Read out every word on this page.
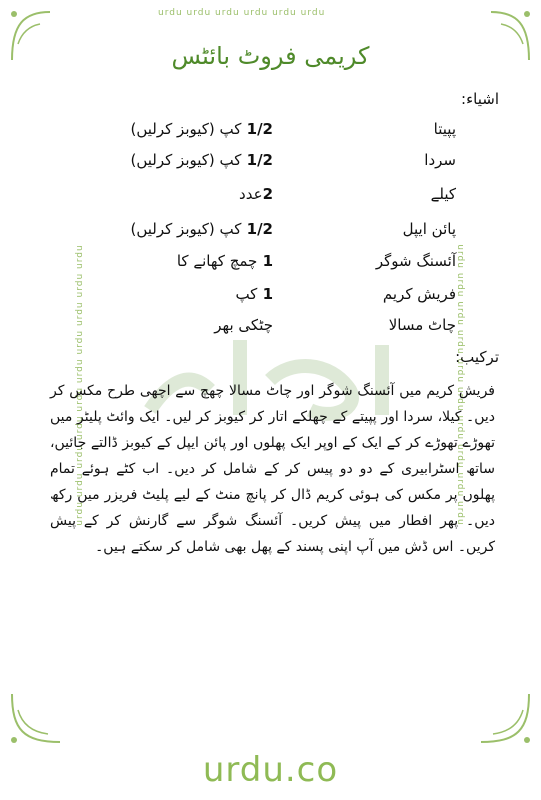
urdu urdu urdu urdu urdu urdu
urdu urdu urdu urdu urdu urdu urdu urdu urdu urdu	urdu urdu urdu urdu urdu urdu urdu urdu urdu urdu
کریمی فروٹ بائٹس
اشیاء:
پپیتا
1/2 کپ (کیوبز کرلیں)
سردا
1/2 کپ (کیوبز کرلیں)
کیلے
2عدد
پائن ایپل
1/2 کپ (کیوبز کرلیں)
آئسنگ شوگر
1 چمچ کھانے کا
فریش کریم
1 کپ
چاٹ مسالا
چٹکی بھر
ترکیب:
فریش کریم میں آئسنگ شوگر اور چاٹ مسالا چھچ سے اچھی طرح مکس کر دیں۔ کیلا، سردا اور پپیتے کے چھلکے اتار کر کیوبز کر لیں۔ ایک وائٹ پلیٹر میں تھوڑے تھوڑے کر کے ایک کے اوپر ایک پھلوں اور پائن ایپل کے کیوبز ڈالتے جائیں، ساتھ اسٹرابیری کے دو دو پیس کر کے شامل کر دیں۔ اب کٹے ہوئے تمام پھلوں پر مکس کی ہوئی کریم ڈال کر پانچ منٹ کے لیے پلیٹ فریزر میں رکھ دیں۔ پھر افطار میں پیش کریں۔ آئسنگ شوگر سے گارنش کر کے پیش کریں۔ اس ڈش میں آپ اپنی پسند کے پھل بھی شامل کر سکتے ہیں۔
urdu.co
